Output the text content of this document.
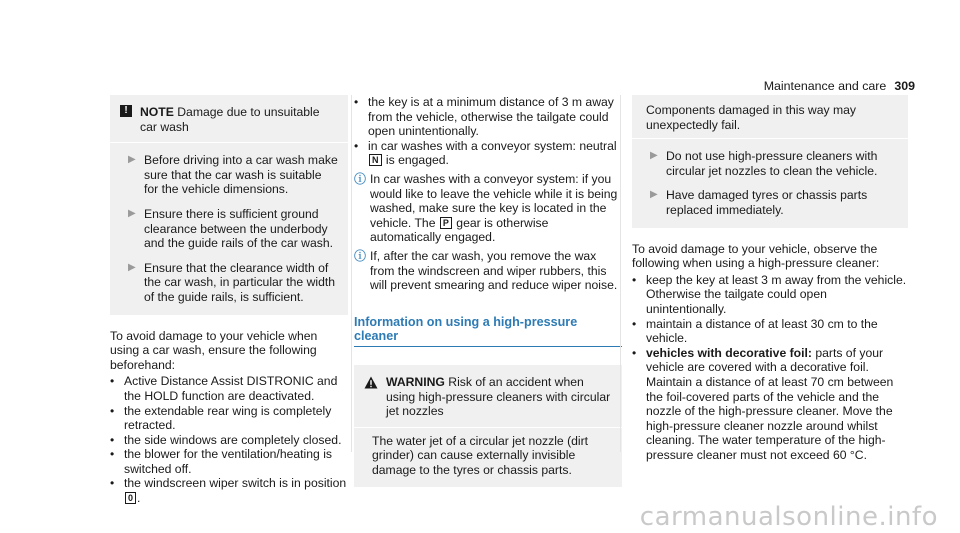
Maintenance and care 309
!	NOTE Damage due to unsuitable car wash
▶ Before driving into a car wash make sure that the car wash is suitable for the vehicle dimensions.

▶ Ensure there is sufficient ground clearance between the underbody and the guide rails of the car wash.

▶ Ensure that the clearance width of the car wash, in particular the width of the guide rails, is sufficient.

To avoid damage to your vehicle when using a car wash, ensure the following beforehand:

• Active Distance Assist DISTRONIC and the HOLD function are deactivated.
• the extendable rear wing is completely retracted.
• the side windows are completely closed.
• the blower for the ventilation/heating is switched off.
• the windscreen wiper switch is in position 0 .
• the key is at a minimum distance of 3 m away from the vehicle, otherwise the tailgate could open unintentionally.
• in car washes with a conveyor system: neutral N is engaged.
ⓘ In car washes with a conveyor system: if you would like to leave the vehicle while it is being washed, make sure the key is located in the vehicle. The P gear is otherwise automatically engaged.

ⓘ If, after the car wash, you remove the wax from the windscreen and wiper rubbers, this will prevent smearing and reduce wiper noise.

Information on using a high-pressure cleaner
WARNING Risk of an accident when using high-pressure cleaners with circular jet nozzles

The water jet of a circular jet nozzle (dirt grinder) can cause externally invisible damage to the tyres or chassis parts.

Components damaged in this way may unexpectedly fail.

▶ Do not use high-pressure cleaners with circular jet nozzles to clean the vehicle.

▶ Have damaged tyres or chassis parts replaced immediately.

To avoid damage to your vehicle, observe the following when using a high-pressure cleaner:

• keep the key at least 3 m away from the vehicle. Otherwise the tailgate could open unintentionally.
• maintain a distance of at least 30 cm to the vehicle.
• vehicles with decorative foil: parts of your vehicle are covered with a decorative foil. Maintain a distance of at least 70 cm between the foil-covered parts of the vehicle and the nozzle of the high-pressure cleaner. Move the high-pressure cleaner nozzle around whilst cleaning. The water temperature of the high-pressure cleaner must not exceed 60 °C.
carmanualsonline.info
